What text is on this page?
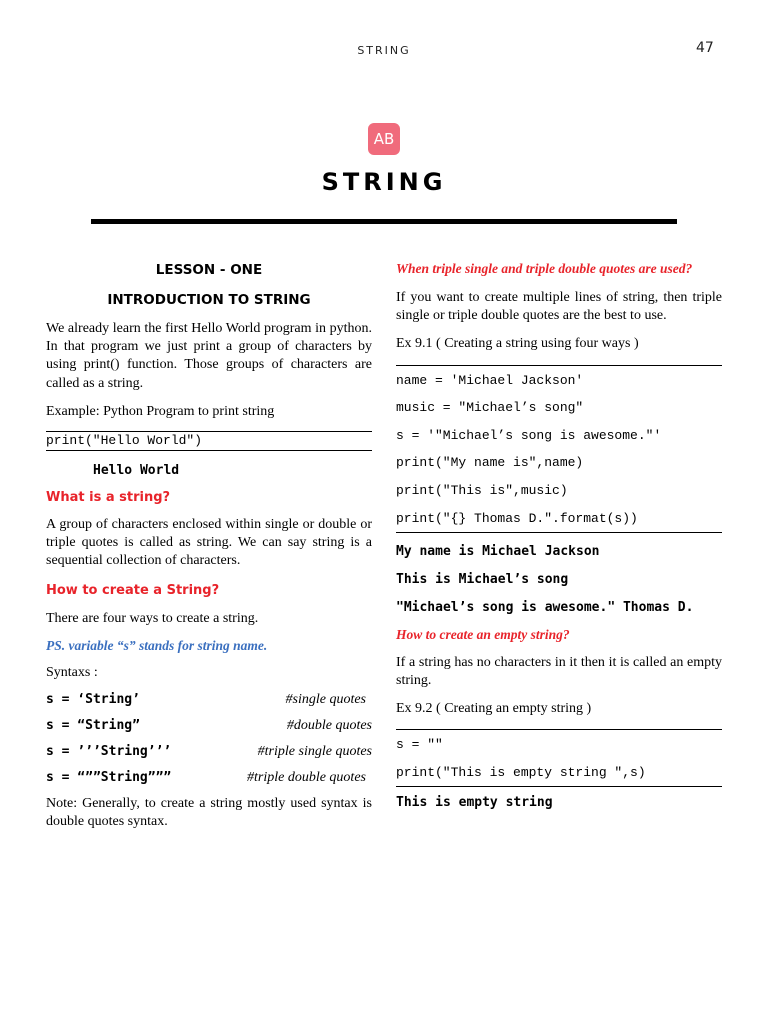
STRING	47
AB
STRING

LESSON - ONE

INTRODUCTION TO STRING

We already learn the first Hello World program in python. In that program we just print a group of characters by using print() function. Those groups of characters are called as a string.

Example: Python Program to print string

print("Hello World")

Hello World

What is a string?

A group of characters enclosed within single or double or triple quotes is called as string. We can say string is a sequential collection of characters.

How to create a String?

There are four ways to create a string.

PS. variable “s” stands for string name.

Syntaxs :

s = ‘String’	#single quotes
s = “String”	#double quotes
s = ’’’String’’’	#triple single quotes
s = “””String”””	#triple double quotes

Note: Generally, to create a string mostly used syntax is double quotes syntax.

When triple single and triple double quotes are used?

If you want to create multiple lines of string, then triple single or triple double quotes are the best to use.

Ex 9.1 ( Creating a string using four ways )

name = 'Michael Jackson'

music = "Michael’s song"

s = '"Michael’s song is awesome."'

print("My name is",name)

print("This is",music)

print("{} Thomas D.".format(s))

My name is Michael Jackson

This is Michael’s song

"Michael’s song is awesome." Thomas D.

How to create an empty string?

If a string has no characters in it then it is called an empty string.

Ex 9.2 ( Creating an empty string )

s = ""

print("This is empty string ",s)

This is empty string
